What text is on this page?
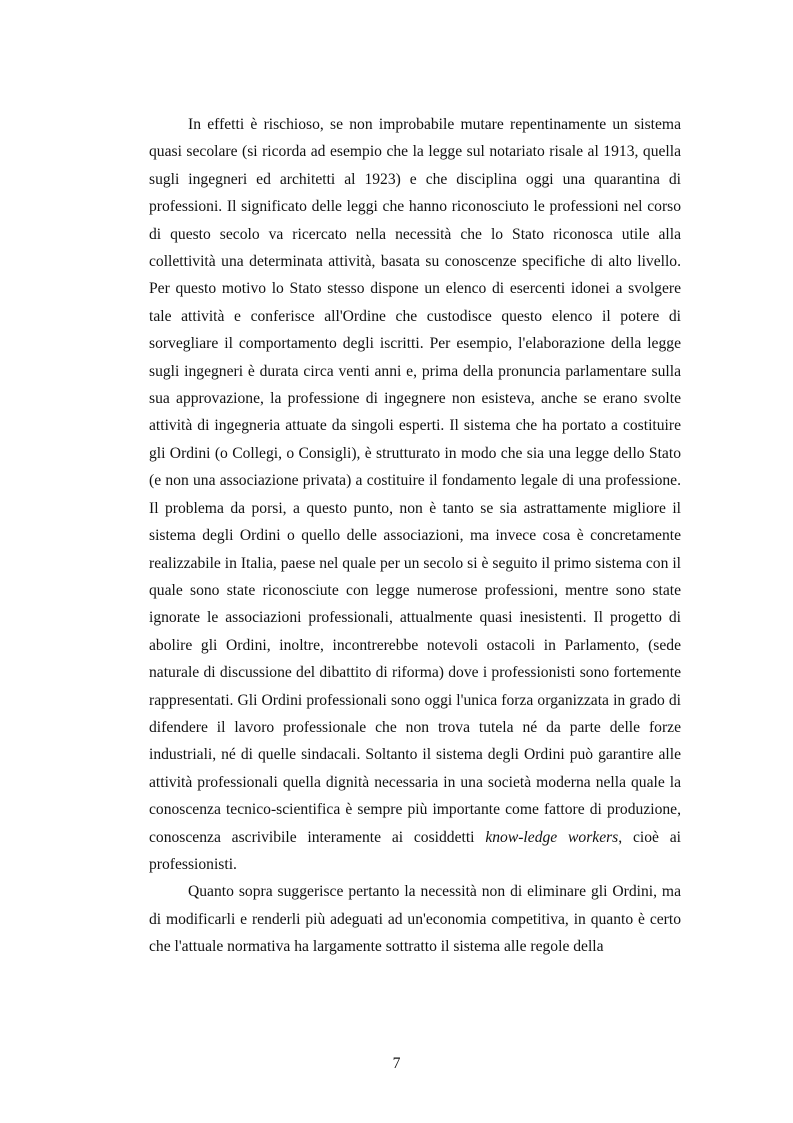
In effetti è rischioso, se non improbabile mutare repentinamente un sistema quasi secolare (si ricorda ad esempio che la legge sul notariato risale al 1913, quella sugli ingegneri ed architetti al 1923) e che disciplina oggi una quarantina di professioni. Il significato delle leggi che hanno riconosciuto le professioni nel corso di questo secolo va ricercato nella necessità che lo Stato riconosca utile alla collettività una determinata attività, basata su conoscenze specifiche di alto livello. Per questo motivo lo Stato stesso dispone un elenco di esercenti idonei a svolgere tale attività e conferisce all'Ordine che custodisce questo elenco il potere di sorvegliare il comportamento degli iscritti. Per esempio, l'elaborazione della legge sugli ingegneri è durata circa venti anni e, prima della pronuncia parlamentare sulla sua approvazione, la professione di ingegnere non esisteva, anche se erano svolte attività di ingegneria attuate da singoli esperti. Il sistema che ha portato a costituire gli Ordini (o Collegi, o Consigli), è strutturato in modo che sia una legge dello Stato (e non una associazione privata) a costituire il fondamento legale di una professione. Il problema da porsi, a questo punto, non è tanto se sia astrattamente migliore il sistema degli Ordini o quello delle associazioni, ma invece cosa è concretamente realizzabile in Italia, paese nel quale per un secolo si è seguito il primo sistema con il quale sono state riconosciute con legge numerose professioni, mentre sono state ignorate le associazioni professionali, attualmente quasi inesistenti. Il progetto di abolire gli Ordini, inoltre, incontrerebbe notevoli ostacoli in Parlamento, (sede naturale di discussione del dibattito di riforma) dove i professionisti sono fortemente rappresentati. Gli Ordini professionali sono oggi l'unica forza organizzata in grado di difendere il lavoro professionale che non trova tutela né da parte delle forze industriali, né di quelle sindacali. Soltanto il sistema degli Ordini può garantire alle attività professionali quella dignità necessaria in una società moderna nella quale la conoscenza tecnico-scientifica è sempre più importante come fattore di produzione, conoscenza ascrivibile interamente ai cosiddetti know-ledge workers, cioè ai professionisti.

Quanto sopra suggerisce pertanto la necessità non di eliminare gli Ordini, ma di modificarli e renderli più adeguati ad un'economia competitiva, in quanto è certo che l'attuale normativa ha largamente sottratto il sistema alle regole della

7
